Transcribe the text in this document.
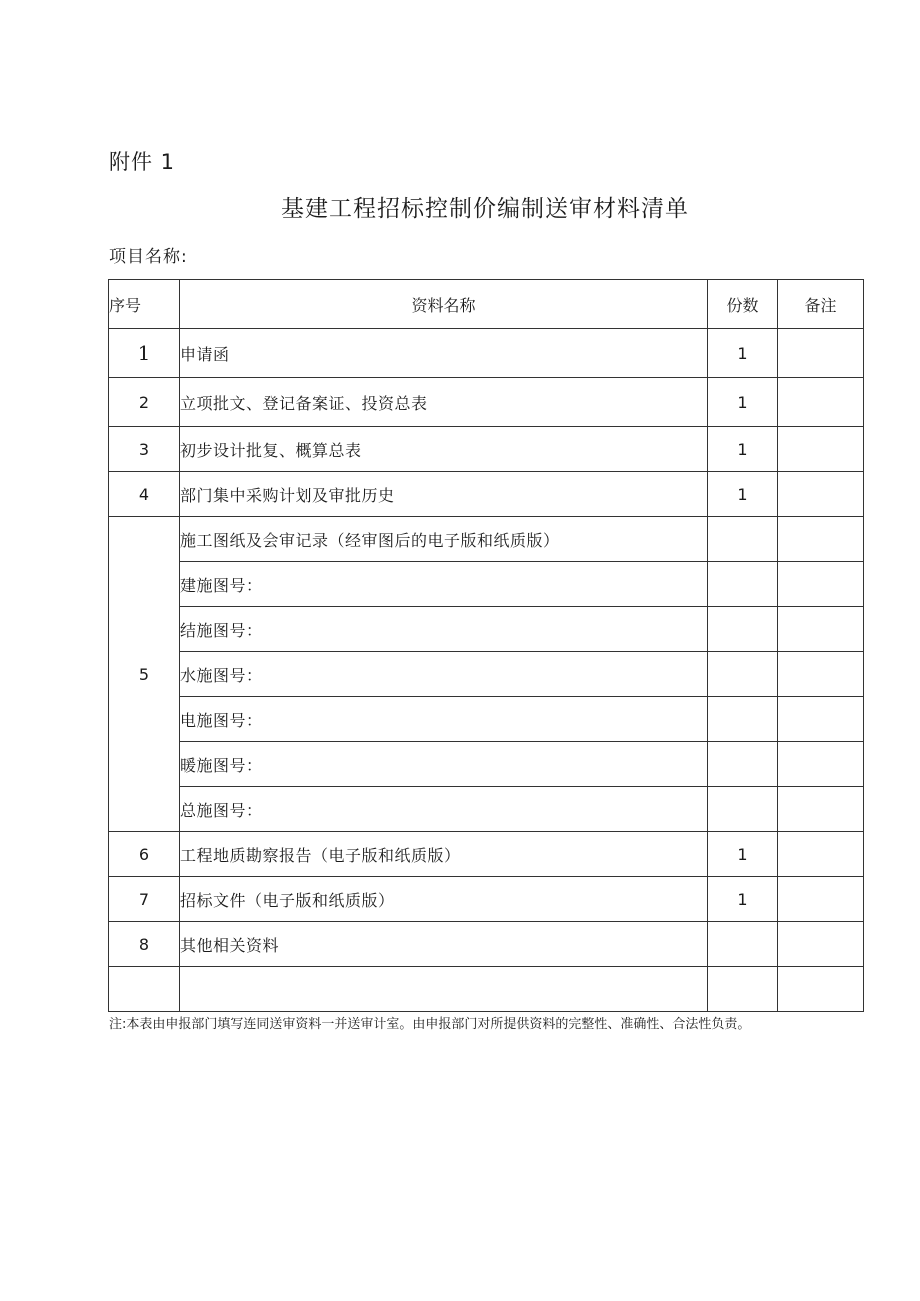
附件 1
基建工程招标控制价编制送审材料清单
项目名称:
序号	资料名称	份数	备注
1	申请函	1	
2	立项批文、登记备案证、投资总表	1	
3	初步设计批复、概算总表	1	
4	部门集中采购计划及审批历史	1	
5	施工图纸及会审记录（经审图后的电子版和纸质版）		
	建施图号：		
	结施图号：		
	水施图号：		
	电施图号：		
	暖施图号：		
	总施图号：		
6	工程地质勘察报告（电子版和纸质版）	1	
7	招标文件（电子版和纸质版）	1	
8	其他相关资料		

注:本表由申报部门填写连同送审资料一并送审计室。由申报部门对所提供资料的完整性、准确性、合法性负责。
